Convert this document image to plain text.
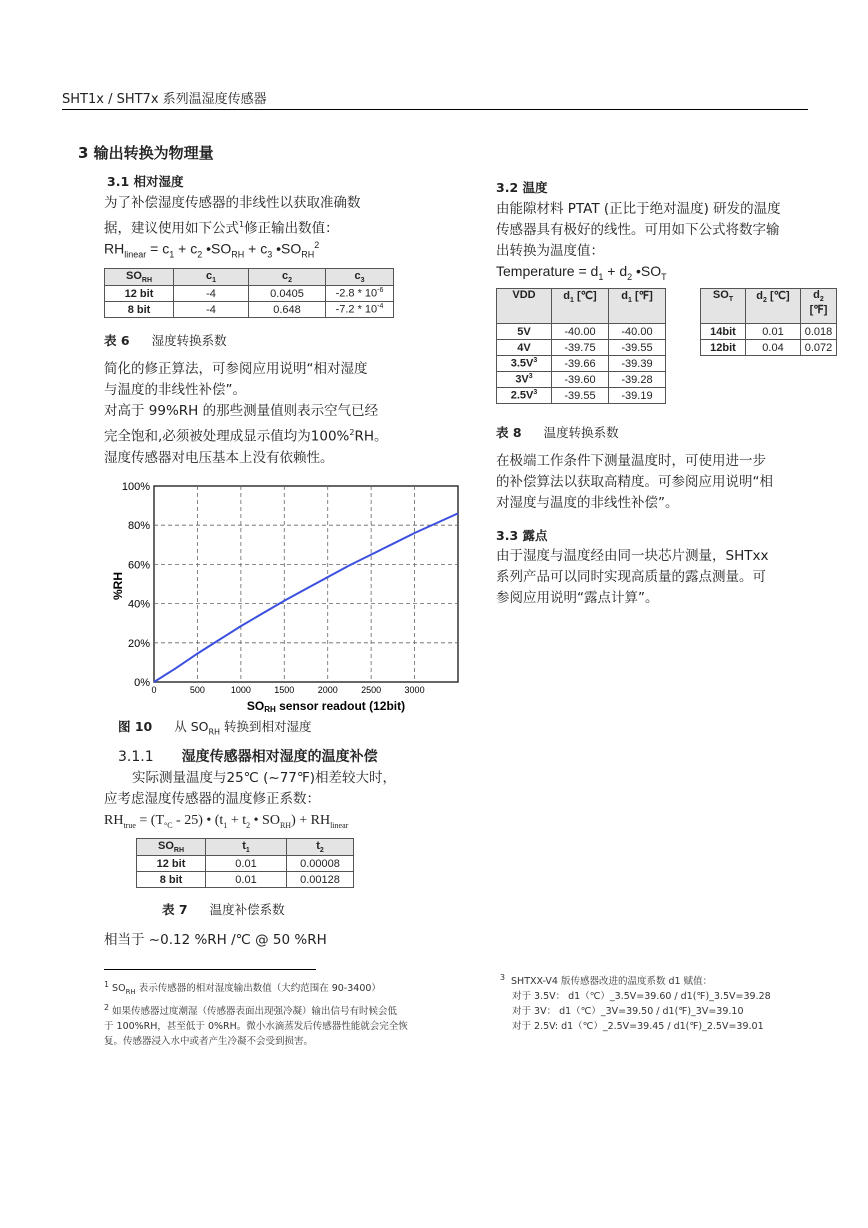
SHT1x / SHT7x 系列温湿度传感器
3 输出转换为物理量
3.1 相对湿度
为了补偿湿度传感器的非线性以获取准确数
据，建议使用如下公式$^1$修正输出数值：
$RH_{linear} = c_1 + c_2$ $•SO_{RH} + c_3$ $•SO_{RH}^2$
$SO_{RH}$	$c_1$	$c_2$	$c_3$
12 bit	-4	0.0405	$-2.8 * 10^{-6}$
8 bit	-4	0.648	$-7.2 * 10^{-4}$
表 6 湿度转换系数
简化的修正算法，可参阅应用说明“相对湿度
与温度的非线性补偿”。
对高于 99%RH 的那些测量值则表示空气已经
完全饱和,必须被处理成显示值均为100%$^2$RH。
湿度传感器对电压基本上没有依赖性。
0%
20%
40%
60%
80%
100%
0	500	1000	1500	2000	2500	3000
SORH sensor readout (12bit)
%RH
图 10 从 $SO_{RH}$ 转换到相对湿度
3.1.1 湿度传感器相对湿度的温度补偿
实际测量温度与25℃ (~77℉)相差较大时，
应考虑湿度传感器的温度修正系数：
$RH_{true} = (T_{^\circ C} - 25)$ • ($t_1 + t_2$ • $SO_{RH}) + RH_{linear}$
$SO_{RH}$	$t_1$	$t_2$
12 bit	0.01	0.00008
8 bit	0.01	0.00128
表 7 温度补偿系数
相当于 ~0.12 %RH /℃ @ 50 %RH
3.2 温度
由能隙材料 PTAT (正比于绝对温度) 研发的温度
传感器具有极好的线性。可用如下公式将数字输
出转换为温度值：
Temperature = $d_1 + d_2$ $•SO_T$
VDD	$d_1$ [℃]	$d_1$ [℉]
5V	-40.00	-40.00
4V	-39.75	-39.55
$3.5V^3$	-39.66	-39.39
$3V^3$	-39.60	-39.28
$2.5V^3$	-39.55	-39.19
$SO_T$	$d_2$ [℃]	$d_2$
[℉]
14bit	0.01	0.018
12bit	0.04	0.072
表 8 温度转换系数
在极端工作条件下测量温度时，可使用进一步
的补偿算法以获取高精度。可参阅应用说明“相
对湿度与温度的非线性补偿”。
3.3 露点
由于湿度与温度经由同一块芯片测量，SHTxx
系列产品可以同时实现高质量的露点测量。可
参阅应用说明“露点计算”。
$^1$ $SO_{RH}$ 表示传感器的相对湿度输出数值（大约范围在 90-3400）
$^2$ 如果传感器过度潮湿（传感器表面出现强冷凝）输出信号有时候会低
于 100%RH，甚至低于 0%RH。微小水滴蒸发后传感器性能就会完全恢
复。传感器浸入水中或者产生冷凝不会受到损害。
$^3$ SHTXX-V4 版传感器改进的温度系数 d1 赋值：
对于 3.5V： d1（℃）_3.5V=39.60 / d1(℉)_3.5V=39.28
对于 3V： d1（℃）_3V=39.50 / d1(℉)_3V=39.10
对于 2.5V: d1（℃）_2.5V=39.45 / d1(℉)_2.5V=39.01
